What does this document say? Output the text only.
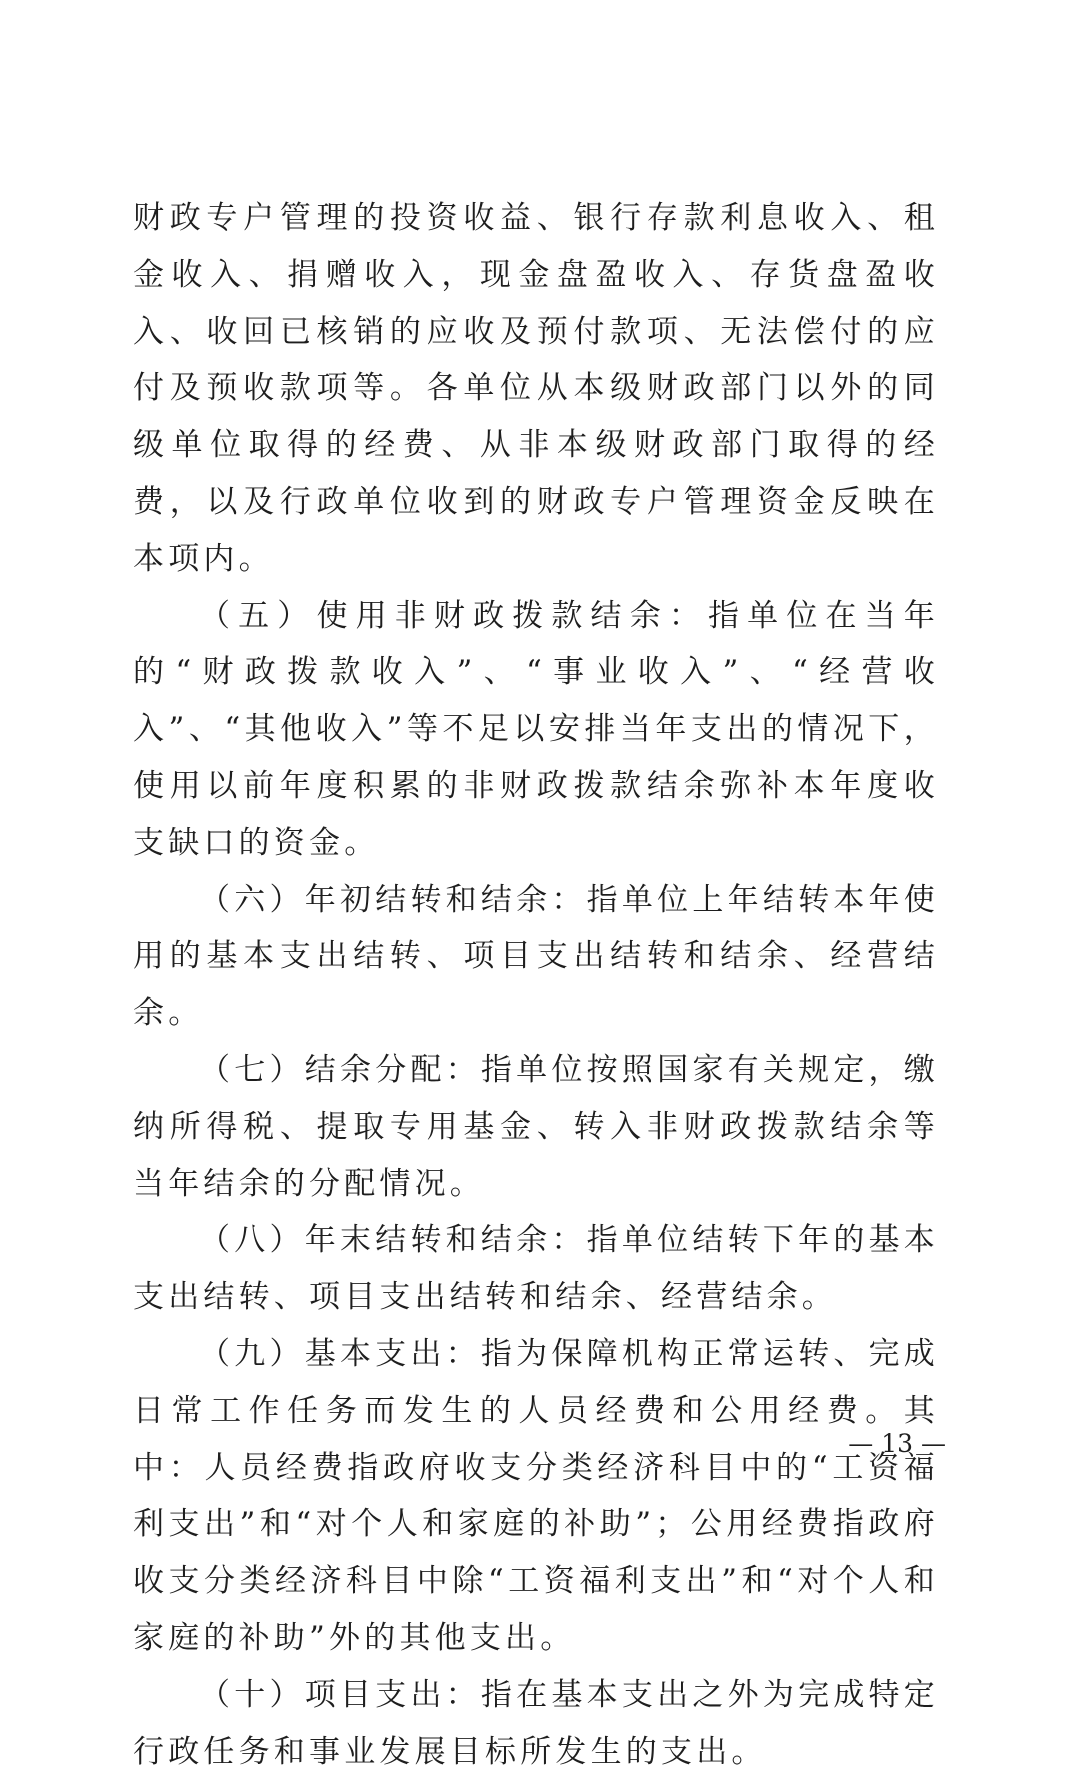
财政专户管理的投资收益、银行存款利息收入、租金收入、捐赠收入，现金盘盈收入、存货盘盈收入、收回已核销的应收及预付款项、无法偿付的应付及预收款项等。各单位从本级财政部门以外的同级单位取得的经费、从非本级财政部门取得的经费，以及行政单位收到的财政专户管理资金反映在本项内。

（五）使用非财政拨款结余：指单位在当年的“财政拨款收入”、“事业收入”、“经营收入”、“其他收入”等不足以安排当年支出的情况下，使用以前年度积累的非财政拨款结余弥补本年度收支缺口的资金。

（六）年初结转和结余：指单位上年结转本年使用的基本支出结转、项目支出结转和结余、经营结余。

（七）结余分配：指单位按照国家有关规定，缴纳所得税、提取专用基金、转入非财政拨款结余等当年结余的分配情况。

（八）年末结转和结余：指单位结转下年的基本支出结转、项目支出结转和结余、经营结余。

（九）基本支出：指为保障机构正常运转、完成日常工作任务而发生的人员经费和公用经费。其中：人员经费指政府收支分类经济科目中的“工资福利支出”和“对个人和家庭的补助”；公用经费指政府收支分类经济科目中除“工资福利支出”和“对个人和家庭的补助”外的其他支出。

（十）项目支出：指在基本支出之外为完成特定行政任务和事业发展目标所发生的支出。

— 13 —
